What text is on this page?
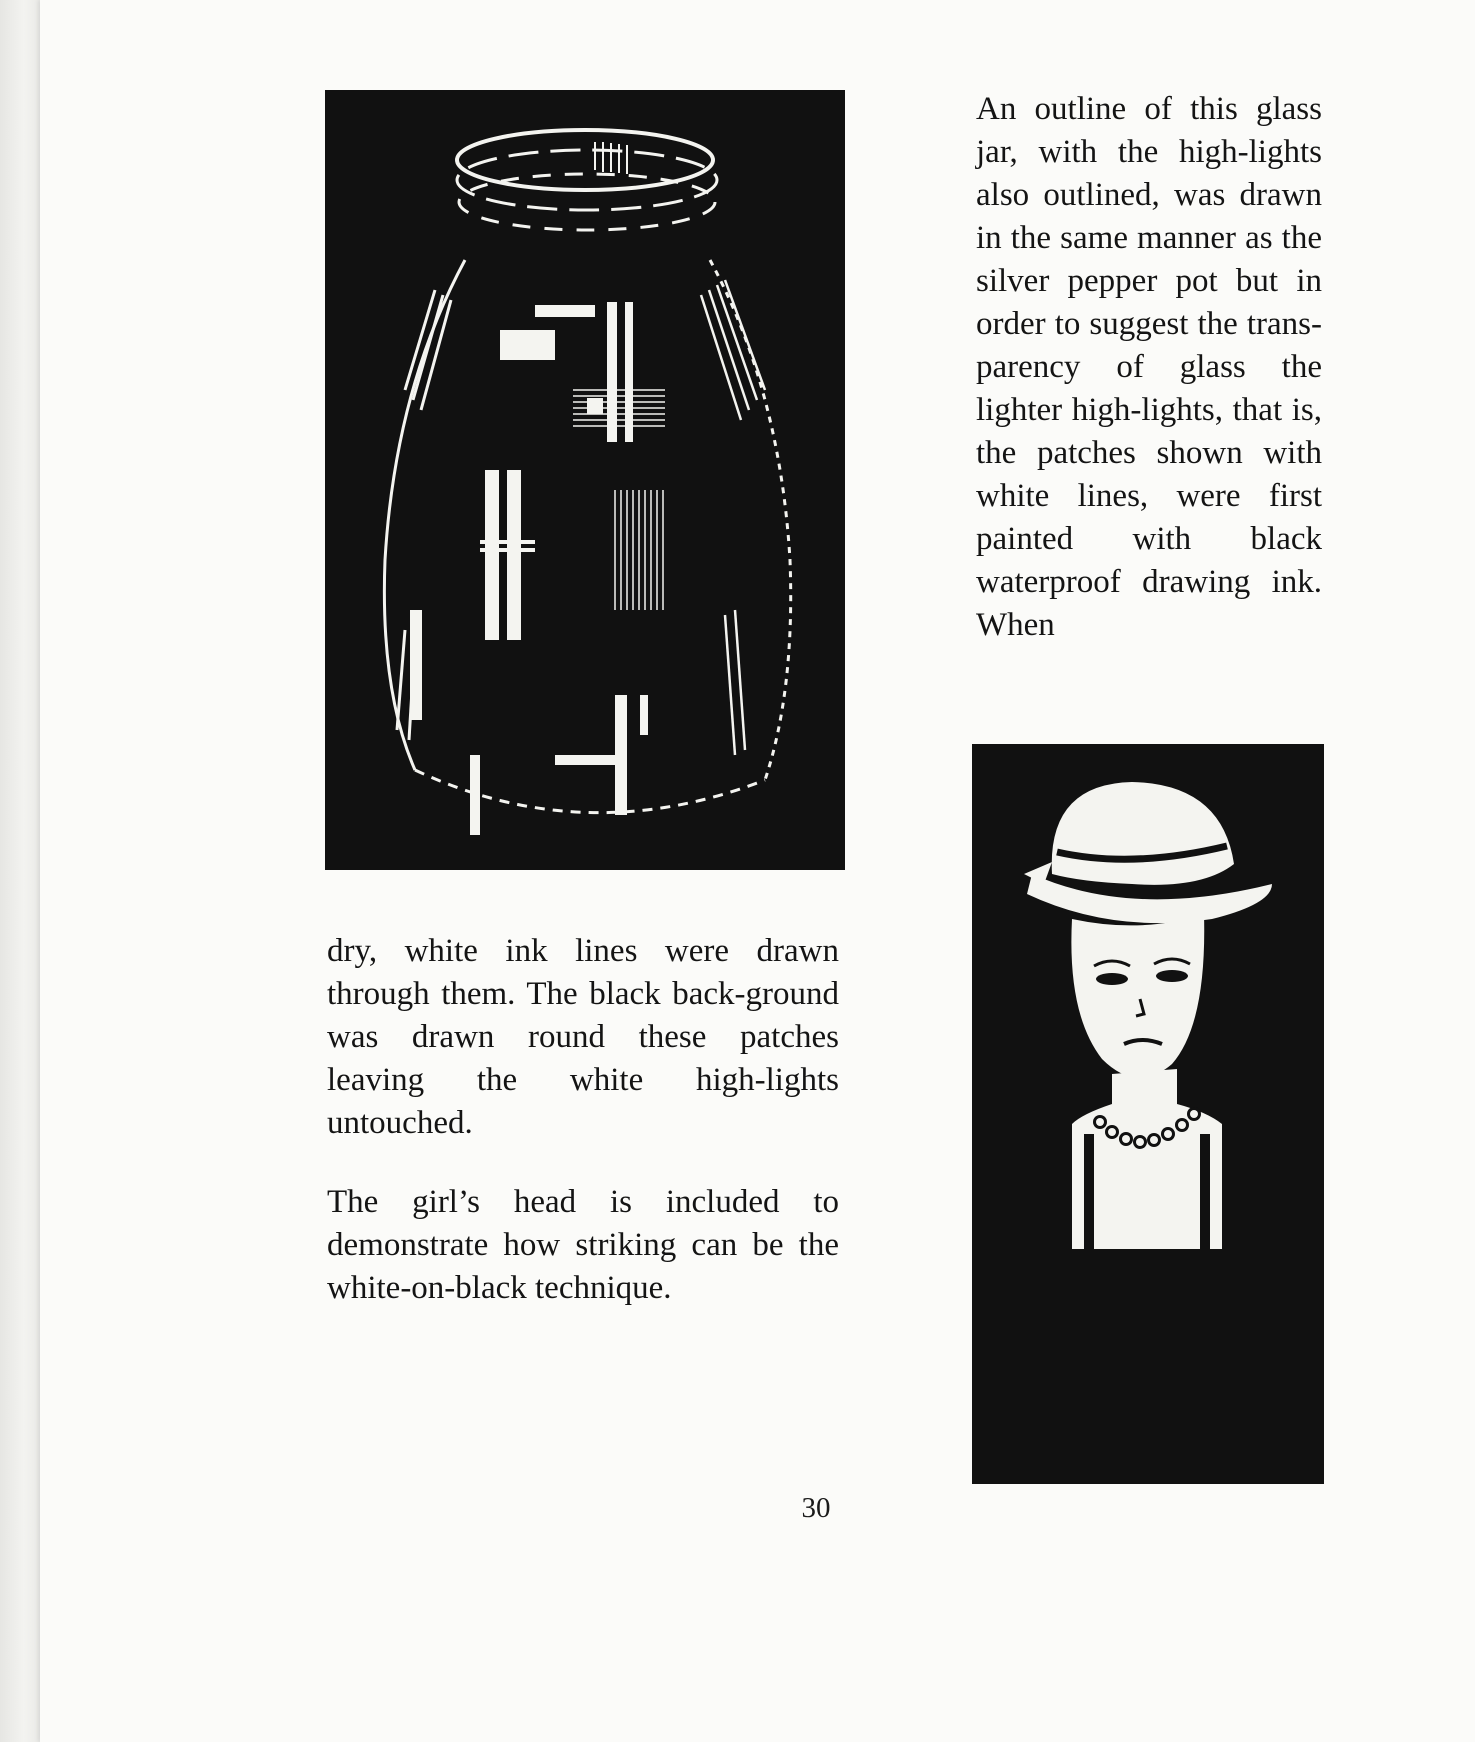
An outline of this glass jar, with the high-lights also outlined, was drawn in the same manner as the silver pepper pot but in order to suggest the trans-parency of glass the lighter high-lights, that is, the patches shown with white lines, were first painted with black waterproof drawing ink. When

dry, white ink lines were drawn through them. The black back-ground was drawn round these patches leaving the white high-lights untouched.

The girl’s head is included to demonstrate how striking can be the white-on-black technique.

30
